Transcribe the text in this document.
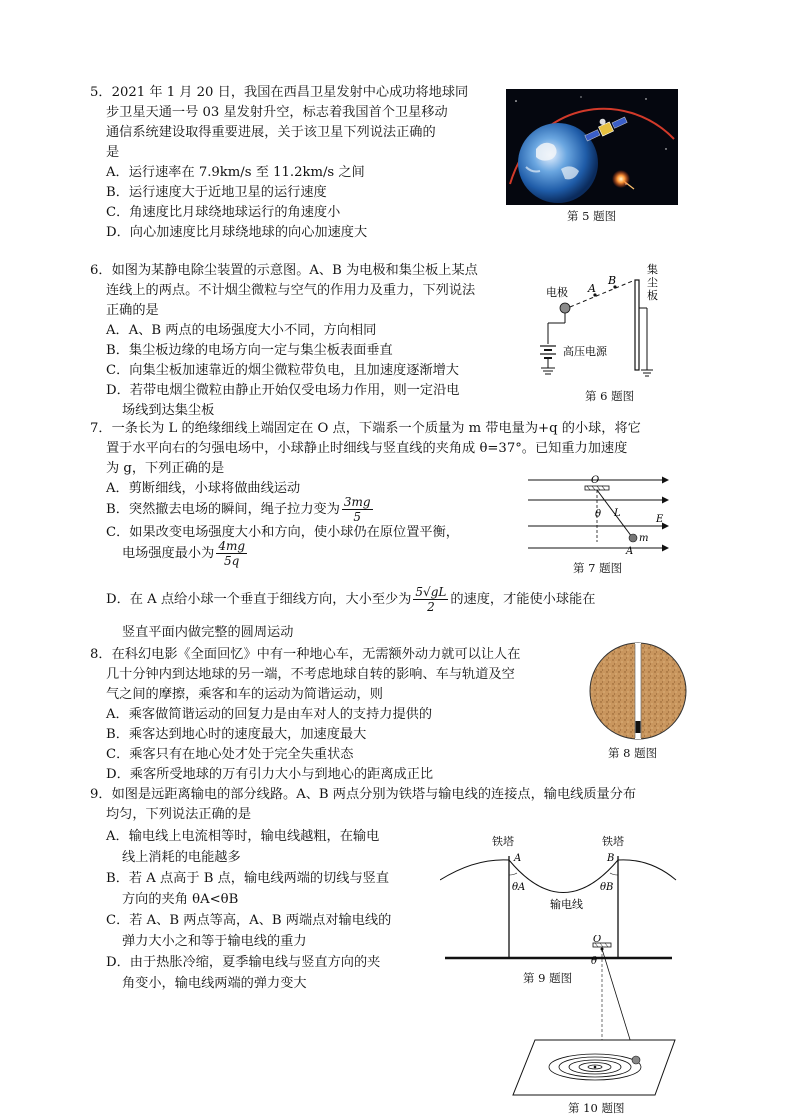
5．2021 年 1 月 20 日，我国在西昌卫星发射中心成功将地球同
步卫星天通一号 03 星发射升空，标志着我国首个卫星移动
通信系统建设取得重要进展，关于该卫星下列说法正确的
是
A．运行速率在 7.9km/s 至 11.2km/s 之间
B．运行速度大于近地卫星的运行速度
C．角速度比月球绕地球运行的角速度小
D．向心加速度比月球绕地球的向心加速度大
第 5 题图
6．如图为某静电除尘装置的示意图。A、B 为电极和集尘板上某点
连线上的两点。不计烟尘微粒与空气的作用力及重力，下列说法
正确的是
A．A、B 两点的电场强度大小不同，方向相同
B．集尘板边缘的电场方向一定与集尘板表面垂直
C．向集尘板加速靠近的烟尘微粒带负电，且加速度逐渐增大
D．若带电烟尘微粒由静止开始仅受电场力作用，则一定沿电
场线到达集尘板
A
B
电极
集
尘
板
高压电源
第 6 题图
7．一条长为 L 的绝缘细线上端固定在 O 点，下端系一个质量为 m 带电量为+q 的小球，将它
置于水平向右的匀强电场中，小球静止时细线与竖直线的夹角成 θ=37°。已知重力加速度
为 g，下列正确的是
A．剪断细线，小球将做曲线运动
B．突然撤去电场的瞬间，绳子拉力变为 $\frac{3mg}{5}$
C．如果改变电场强度大小和方向，使小球仍在原位置平衡，
电场强度最小为 $\frac{4mg}{5q}$
D．在 A 点给小球一个垂直于细线方向，大小至少为 $\frac{5√gL}{2}$ 的速度，才能使小球能在
竖直平面内做完整的圆周运动
O
θ L
E
m
A
第 7 题图
8．在科幻电影《全面回忆》中有一种地心车，无需额外动力就可以让人在
几十分钟内到达地球的另一端，不考虑地球自转的影响、车与轨道及空
气之间的摩擦，乘客和车的运动为简谐运动，则
A．乘客做简谐运动的回复力是由车对人的支持力提供的
B．乘客达到地心时的速度最大，加速度最大
C．乘客只有在地心处才处于完全失重状态
D．乘客所受地球的万有引力大小与到地心的距离成正比
第 8 题图
9．如图是远距离输电的部分线路。A、B 两点分别为铁塔与输电线的连接点，输电线质量分布
均匀，下列说法正确的是
A．输电线上电流相等时，输电线越粗，在输电
线上消耗的电能越多
B．若 A 点高于 B 点，输电线两端的切线与竖直
方向的夹角 θA<θB
C．若 A、B 两点等高，A、B 两端点对输电线的
弹力大小之和等于输电线的重力
D．由于热胀冷缩，夏季输电线与竖直方向的夹
角变小，输电线两端的弹力变大
铁塔	铁塔
A	B
θA	θB
输电线
第 9 题图
O
θ
第 10 题图
